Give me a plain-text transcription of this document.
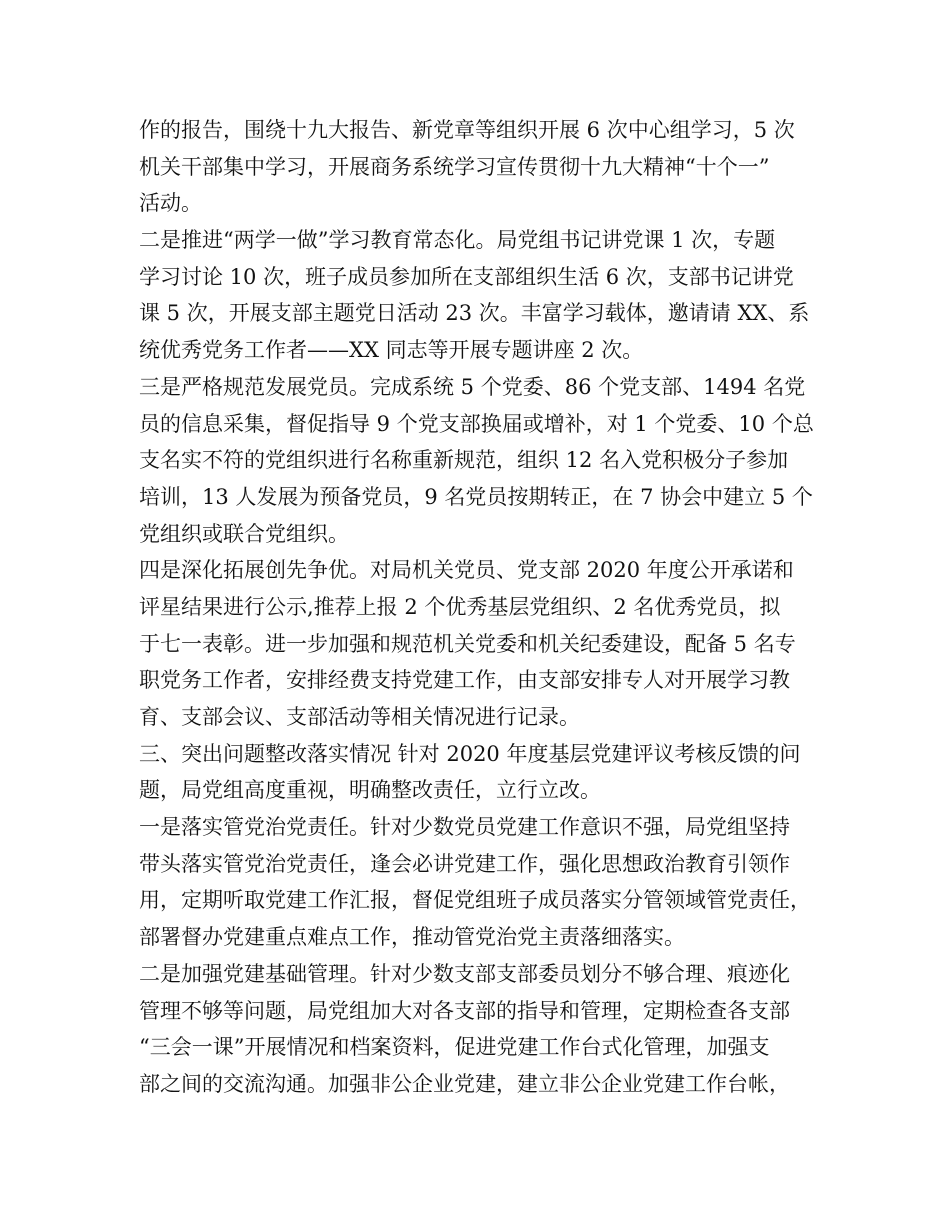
作的报告，围绕十九大报告、新党章等组织开展 6 次中心组学习，5 次
机关干部集中学习，开展商务系统学习宣传贯彻十九大精神“十个一”
活动。
二是推进“两学一做”学习教育常态化。局党组书记讲党课 1 次，专题
学习讨论 10 次，班子成员参加所在支部组织生活 6 次，支部书记讲党
课 5 次，开展支部主题党日活动 23 次。丰富学习载体，邀请请 XX、系
统优秀党务工作者——XX 同志等开展专题讲座 2 次。
三是严格规范发展党员。完成系统 5 个党委、86 个党支部、1494 名党
员的信息采集，督促指导 9 个党支部换届或增补，对 1 个党委、10 个总
支名实不符的党组织进行名称重新规范，组织 12 名入党积极分子参加
培训，13 人发展为预备党员，9 名党员按期转正，在 7 协会中建立 5 个
党组织或联合党组织。
四是深化拓展创先争优。对局机关党员、党支部 2020 年度公开承诺和
评星结果进行公示,推荐上报 2 个优秀基层党组织、2 名优秀党员，拟
于七一表彰。进一步加强和规范机关党委和机关纪委建设，配备 5 名专
职党务工作者，安排经费支持党建工作，由支部安排专人对开展学习教
育、支部会议、支部活动等相关情况进行记录。
三、突出问题整改落实情况 针对 2020 年度基层党建评议考核反馈的问
题，局党组高度重视，明确整改责任，立行立改。
一是落实管党治党责任。针对少数党员党建工作意识不强，局党组坚持
带头落实管党治党责任，逢会必讲党建工作，强化思想政治教育引领作
用，定期听取党建工作汇报，督促党组班子成员落实分管领域管党责任，
部署督办党建重点难点工作，推动管党治党主责落细落实。
二是加强党建基础管理。针对少数支部支部委员划分不够合理、痕迹化
管理不够等问题，局党组加大对各支部的指导和管理，定期检查各支部
“三会一课”开展情况和档案资料，促进党建工作台式化管理，加强支
部之间的交流沟通。加强非公企业党建，建立非公企业党建工作台帐，
